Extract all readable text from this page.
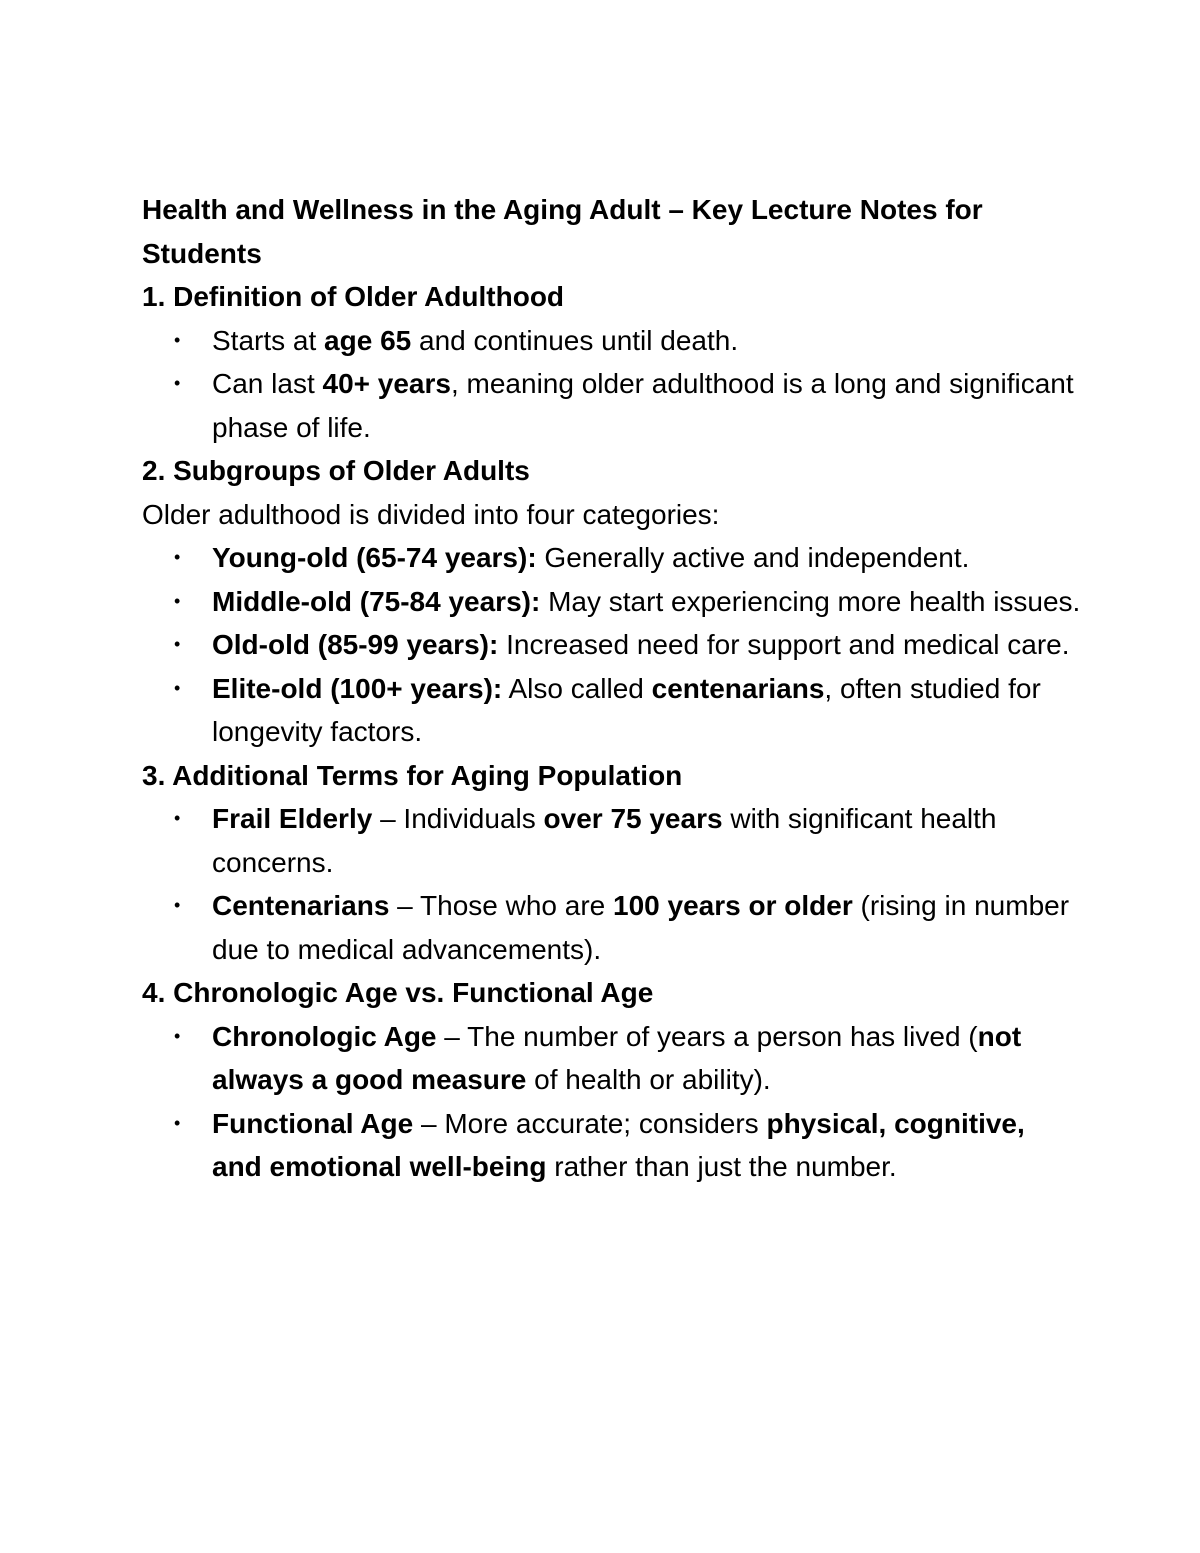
Health and Wellness in the Aging Adult – Key Lecture Notes for Students

1. Definition of Older Adulthood

• Starts at age 65 and continues until death.
• Can last 40+ years, meaning older adulthood is a long and significant phase of life.

2. Subgroups of Older Adults

Older adulthood is divided into four categories:

• Young-old (65-74 years): Generally active and independent.
• Middle-old (75-84 years): May start experiencing more health issues.
• Old-old (85-99 years): Increased need for support and medical care.
• Elite-old (100+ years): Also called centenarians, often studied for longevity factors.

3. Additional Terms for Aging Population

• Frail Elderly – Individuals over 75 years with significant health concerns.
• Centenarians – Those who are 100 years or older (rising in number due to medical advancements).

4. Chronologic Age vs. Functional Age

• Chronologic Age – The number of years a person has lived (not always a good measure of health or ability).
• Functional Age – More accurate; considers physical, cognitive, and emotional well-being rather than just the number.
